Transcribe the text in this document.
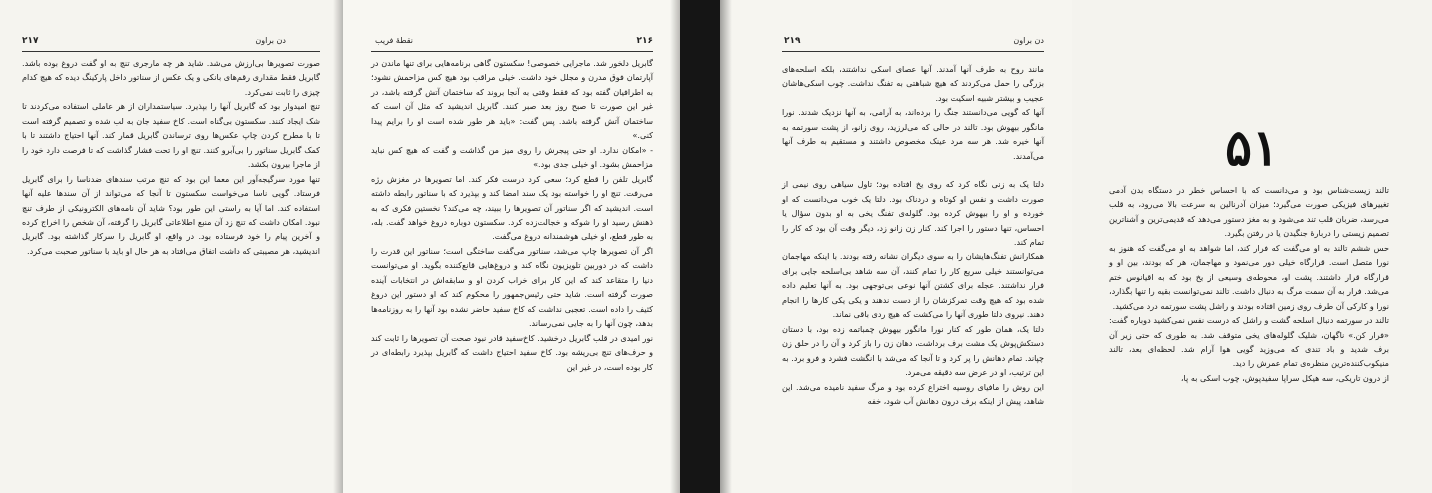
دن براون
۲۱۷

صورت تصویرها بی‌ارزش می‌شد. شاید هر چه مارجری تنچ به او گفت دروغ بوده باشد. گابریل فقط مقداری رقم‌های بانکی و یک عکس از سناتور داخل پارکینگ دیده که هیچ کدام چیزی را ثابت نمی‌کرد.

تنچ امیدوار بود که گابریل آنها را بپذیرد. سیاستمداران از هر عاملی استفاده می‌کردند تا شک ایجاد کنند. سکستون بی‌گناه است. کاخ سفید جان به لب شده و تصمیم گرفته است تا با مطرح کردن چاپ عکس‌ها روی ترساندن گابریل قمار کند. آنها احتیاج داشتند تا با کمک گابریل سناتور را بی‌آبرو کنند. تنچ او را تحت فشار گذاشت که تا فرصت دارد خود را از ماجرا بیرون بکشد.

تنها مورد سرگیجه‌آور این معما این بود که تنچ مرتب سندهای ضدناسا را برای گابریل فرستاد. گویی ناسا می‌خواست سکستون تا آنجا که می‌تواند از آن سندها علیه آنها استفاده کند. اما آیا به راستی این طور بود؟ شاید آن نامه‌های الکترونیکی از طرف تنچ نبود. امکان داشت که تنچ زد آن منبع اطلاعاتی گابریل را گرفته، آن شخص را اخراج کرده و آخرین پیام را خود فرستاده بود. در واقع، او گابریل را سرکار گذاشته بود. گابریل اندیشید، هر مصیبتی که داشت اتفاق می‌افتاد به هر حال او باید با سناتور صحبت می‌کرد.

۲۱۶
نقطهٔ فریب

گابریل دلخور شد. ماجرایی خصوصی! سکستون گاهی برنامه‌هایی برای تنها ماندن در آپارتمان فوق مدرن و مجلل خود داشت. خیلی مراقب بود هیچ کس مزاحمش نشود؛ به اطرافیان گفته بود که فقط وقتی به آنجا بروند که ساختمان آتش گرفته باشد، در غیر این صورت تا صبح روز بعد صبر کنند. گابریل اندیشید که مثل آن است که ساختمان آتش گرفته باشد. پس گفت: «باید هر طور شده است او را برایم پیدا کنی.»

- «امکان ندارد. او حتی پیجرش را روی میز من گذاشت و گفت که هیچ کس نباید مزاحمش بشود. او خیلی جدی بود.»

گابریل تلفن را قطع کرد؛ سعی کرد درست فکر کند. اما تصویرها در مغزش رژه می‌رفت. تنچ او را خواسته بود یک سند امضا کند و بپذیرد که با سناتور رابطه داشته است. اندیشید که اگر سناتور آن تصویرها را ببیند، چه می‌کند؟ نخستین فکری که به ذهنش رسید او را شوکه و خجالت‌زده کرد. سکستون دوباره دروغ خواهد گفت. بله، به طور قطع، او خیلی هوشمندانه دروغ می‌گفت.

اگر آن تصویرها چاپ می‌شد، سناتور می‌گفت ساختگی است؛ سناتور این قدرت را داشت که در دوربین تلویزیون نگاه کند و دروغ‌هایی قانع‌کننده بگوید. او می‌توانست دنیا را متقاعد کند که این کار برای خراب کردن او و سابقه‌اش در انتخابات آینده صورت گرفته است. شاید حتی رئیس‌جمهور را محکوم کند که او دستور این دروغ کثیف را داده است. تعجبی نداشت که کاخ سفید حاضر نشده بود آنها را به روزنامه‌ها بدهد، چون آنها را به جایی نمی‌رساند.

نور امیدی در قلب گابریل درخشید. کاخ‌سفید قادر نبود صحت آن تصویرها را ثابت کند و حرف‌های تنچ بی‌ریشه بود. کاخ سفید احتیاج داشت که گابریل بپذیرد رابطه‌ای در کار بوده است، در غیر این

دن براون
۲۱۹

مانند روح به طرف آنها آمدند. آنها عصای اسکی نداشتند، بلکه اسلحه‌های بزرگی را حمل می‌کردند که هیچ شباهتی به تفنگ نداشت. چوب اسکی‌هاشان عجیب و بیشتر شبیه اسکیت بود.

آنها که گویی می‌دانستند جنگ را برده‌اند، به آرامی، به آنها نزدیک شدند. نورا مانگور بیهوش بود. تالند در حالی که می‌لرزید، روی زانو، از پشت سورتمه به آنها خیره شد. هر سه مرد عینک مخصوص داشتند و مستقیم به طرف آنها می‌آمدند.

دلتا یک به زنی نگاه کرد که روی یخ افتاده بود؛ تاول سیاهی روی نیمی از صورت داشت و نفس او کوتاه و دردناک بود. دلتا یک خوب می‌دانست که او خورده و او را بیهوش کرده بود. گلوله‌ی تفنگ یخی به او بدون سؤال یا احساس، تنها دستور را اجرا کند. کنار زن زانو زد، دیگر وقت آن بود که کار را تمام کند.

همکارانش تفنگ‌هایشان را به سوی دیگران نشانه رفته بودند. با اینکه مهاجمان می‌توانستند خیلی سریع کار را تمام کنند، آن سه شاهد بی‌اسلحه جایی برای فرار نداشتند. عجله برای کشتن آنها نوعی بی‌توجهی بود. به آنها تعلیم داده شده بود که هیچ وقت تمرکزشان را از دست ندهند و یکی یکی کارها را انجام دهند. نیروی دلتا طوری آنها را می‌کشت که هیچ ردی باقی نماند.

دلتا یک، همان طور که کنار نورا مانگور بیهوش چمباتمه زده بود، با دستان دستکش‌پوش یک مشت برف برداشت، دهان زن را باز کرد و آن را در حلق زن چپاند. تمام دهانش را پر کرد و تا آنجا که می‌شد با انگشت فشرد و فرو برد. به این ترتیب، او در عرض سه دقیقه می‌مرد.

این روش را مافیای روسیه اختراع کرده بود و مرگ سفید نامیده می‌شد. این شاهد، پیش از اینکه برف درون دهانش آب شود، خفه

۵۱

تالند زیست‌شناس بود و می‌دانست که با احساس خطر در دستگاه بدن آدمی تغییرهای فیزیکی صورت می‌گیرد؛ میزان آدرنالین به سرعت بالا می‌رود، به قلب می‌رسد، ضربان قلب تند می‌شود و به مغز دستور می‌دهد که قدیمی‌ترین و آشناترین تصمیم زیستی را دربارهٔ جنگیدن یا در رفتن بگیرد.

حس ششم تالند به او می‌گفت که فرار کند، اما شواهد به او می‌گفت که هنوز به نورا متصل است. قرارگاه خیلی دور می‌نمود و مهاجمان، هر که بودند، بین او و قرارگاه قرار داشتند. پشت او، محوطه‌ی وسیعی از یخ بود که به اقیانوس ختم می‌شد. فرار به آن سمت مرگ به دنبال داشت. تالند نمی‌توانست بقیه را تنها بگذارد، نورا و کارکی آن طرف روی زمین افتاده بودند و راشل پشت سورتمه درد می‌کشید.

تالند در سورتمه دنبال اسلحه گشت و راشل که درست نفس نمی‌کشید دوباره گفت: «فرار کن.» ناگهان، شلیک گلوله‌های یخی متوقف شد. به طوری که حتی زیر آن برف شدید و باد تندی که می‌وزید گویی هوا آرام شد. لحظه‌ای بعد، تالند منیکوب‌کننده‌ترین منظره‌ی تمام عمرش را دید.

از درون تاریکی، سه هیکل سراپا سفیدپوش، چوب اسکی به پا،
